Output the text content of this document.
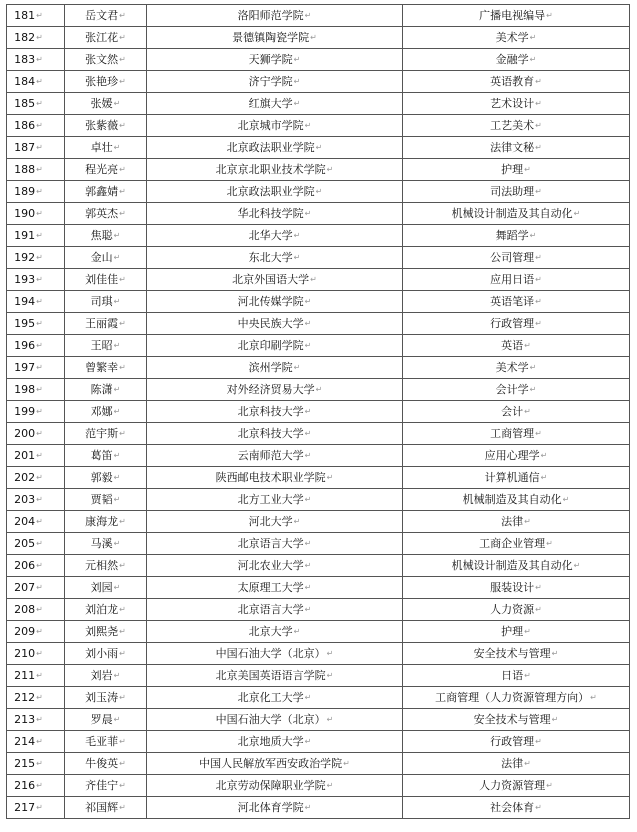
181↵	岳文君↵	洛阳师范学院↵	广播电视编导↵
182↵	张江花↵	景德镇陶瓷学院↵	美术学↵
183↵	张文然↵	天狮学院↵	金融学↵
184↵	张艳珍↵	济宁学院↵	英语教育↵
185↵	张媛↵	红旗大学↵	艺术设计↵
186↵	张紫薇↵	北京城市学院↵	工艺美术↵
187↵	卓壮↵	北京政法职业学院↵	法律文秘↵
188↵	程光亮↵	北京京北职业技术学院↵	护理↵
189↵	郭鑫婧↵	北京政法职业学院↵	司法助理↵
190↵	郭英杰↵	华北科技学院↵	机械设计制造及其自动化↵
191↵	焦聪↵	北华大学↵	舞蹈学↵
192↵	金山↵	东北大学↵	公司管理↵
193↵	刘佳佳↵	北京外国语大学↵	应用日语↵
194↵	司琪↵	河北传媒学院↵	英语笔译↵
195↵	王丽霞↵	中央民族大学↵	行政管理↵
196↵	王昭↵	北京印刷学院↵	英语↵
197↵	曾繁幸↵	滨州学院↵	美术学↵
198↵	陈潇↵	对外经济贸易大学↵	会计学↵
199↵	邓娜↵	北京科技大学↵	会计↵
200↵	范宇斯↵	北京科技大学↵	工商管理↵
201↵	葛笛↵	云南师范大学↵	应用心理学↵
202↵	郭毅↵	陕西邮电技术职业学院↵	计算机通信↵
203↵	贾韬↵	北方工业大学↵	机械制造及其自动化↵
204↵	康海龙↵	河北大学↵	法律↵
205↵	马溪↵	北京语言大学↵	工商企业管理↵
206↵	元相然↵	河北农业大学↵	机械设计制造及其自动化↵
207↵	刘园↵	太原理工大学↵	服装设计↵
208↵	刘泊龙↵	北京语言大学↵	人力资源↵
209↵	刘熙尧↵	北京大学↵	护理↵
210↵	刘小雨↵	中国石油大学（北京）↵	安全技术与管理↵
211↵	刘岩↵	北京美国英语语言学院↵	日语↵
212↵	刘玉涛↵	北京化工大学↵	工商管理（人力资源管理方向）↵
213↵	罗晨↵	中国石油大学（北京）↵	安全技术与管理↵
214↵	毛亚菲↵	北京地质大学↵	行政管理↵
215↵	牛俊英↵	中国人民解放军西安政治学院↵	法律↵
216↵	齐佳宁↵	北京劳动保障职业学院↵	人力资源管理↵
217↵	祁国辉↵	河北体育学院↵	社会体育↵
